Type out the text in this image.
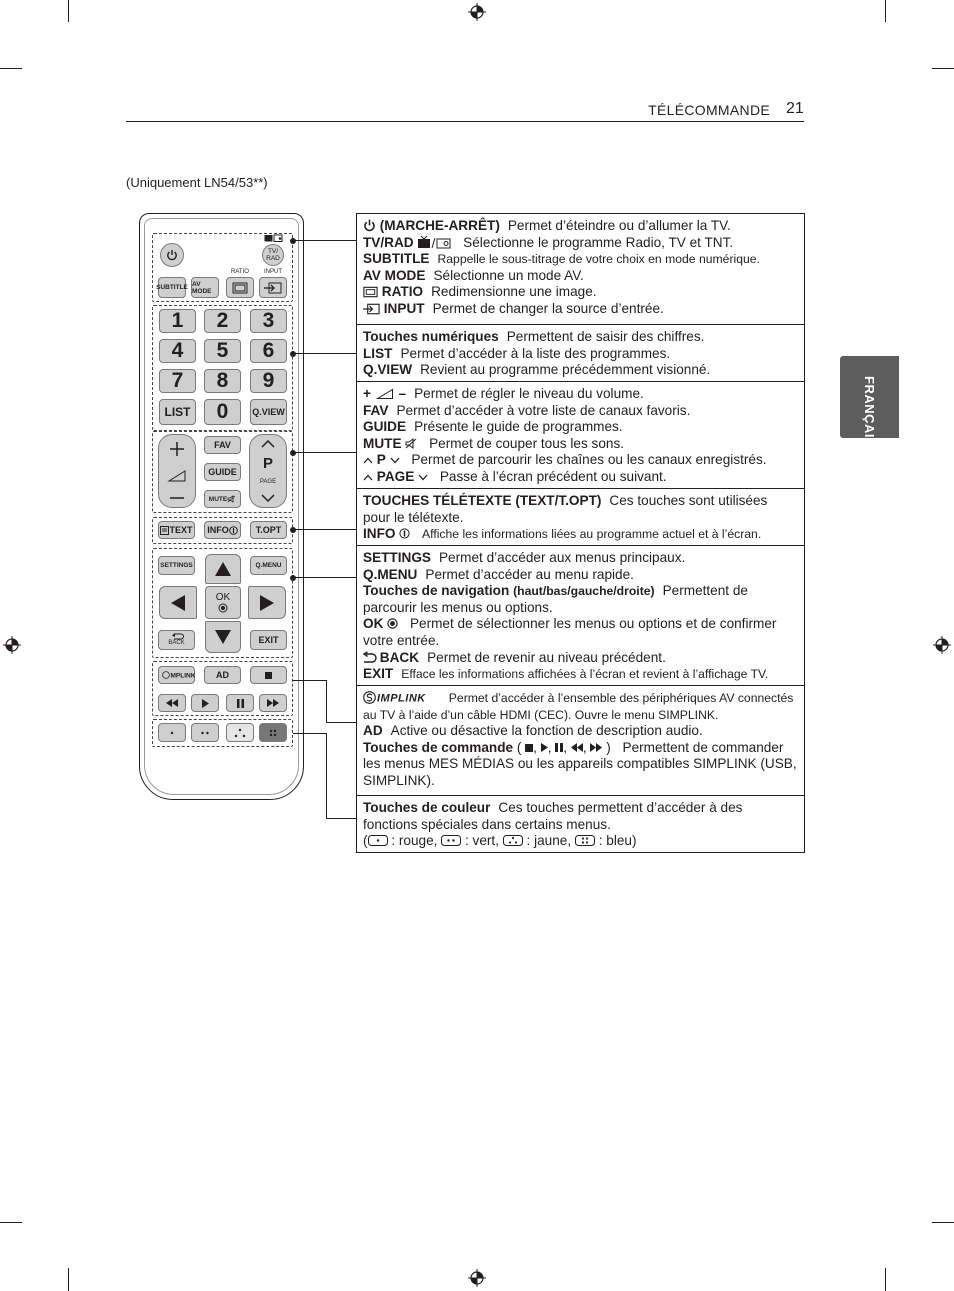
TÉLÉCOMMANDE 21
FRANÇAIS
(Uniquement LN54/53**)
TV/
RAD
RATIO	INPUT
SUBTITLE AV MODE
1 2 3
4 5 6
7 8 9
LIST 0	Q.VIEW
FAV
GUIDE
MUTE
P
PAGE
TEXT INFO	T.OPT
SETTINGS	Q.MENU
OK
BACK	EXIT
MPLINK AD
(MARCHE-ARRÊT) Permet d’éteindre ou d’allumer la TV.
TV/RAD	Sélectionne le programme Radio, TV et TNT.
SUBTITLE Rappelle le sous-titrage de votre choix en mode numérique.
AV MODE Sélectionne un mode AV.
RATIO Redimensionne une image.
INPUT Permet de changer la source d’entrée.
Touches numériques Permettent de saisir des chiffres.
LIST Permet d’accéder à la liste des programmes.
Q.VIEW Revient au programme précédemment visionné.
+ – Permet de régler le niveau du volume.
FAV Permet d’accéder à votre liste de canaux favoris.
GUIDE Présente le guide de programmes.
MUTE Permet de couper tous les sons.
P Permet de parcourir les chaînes ou les canaux enregistrés.
PAGE Passe à l’écran précédent ou suivant.
TOUCHES TÉLÉTEXTE (TEXT/T.OPT) Ces touches sont utilisées pour le télétexte.
INFO Affiche les informations liées au programme actuel et à l’écran.
SETTINGS Permet d’accéder aux menus principaux.
Q.MENU Permet d’accéder au menu rapide.
Touches de navigation (haut/bas/gauche/droite) Permettent de parcourir les menus ou options.
OK Permet de sélectionner les menus ou options et de confirmer votre entrée.
BACK Permet de revenir au niveau précédent.
EXIT Efface les informations affichées à l’écran et revient à l’affichage TV.
IMPLINK Permet d’accéder à l’ensemble des périphériques AV connectés au TV à l’aide d’un câble HDMI (CEC). Ouvre le menu SIMPLINK.
AD Active ou désactive la fonction de description audio.
Touches de commande ( , , , ,  ) Permettent de commander les menus MES MÉDIAS ou les appareils compatibles SIMPLINK (USB, SIMPLINK).
Touches de couleur Ces touches permettent d’accéder à des fonctions spéciales dans certains menus.
( : rouge, : vert, : jaune, : bleu)
